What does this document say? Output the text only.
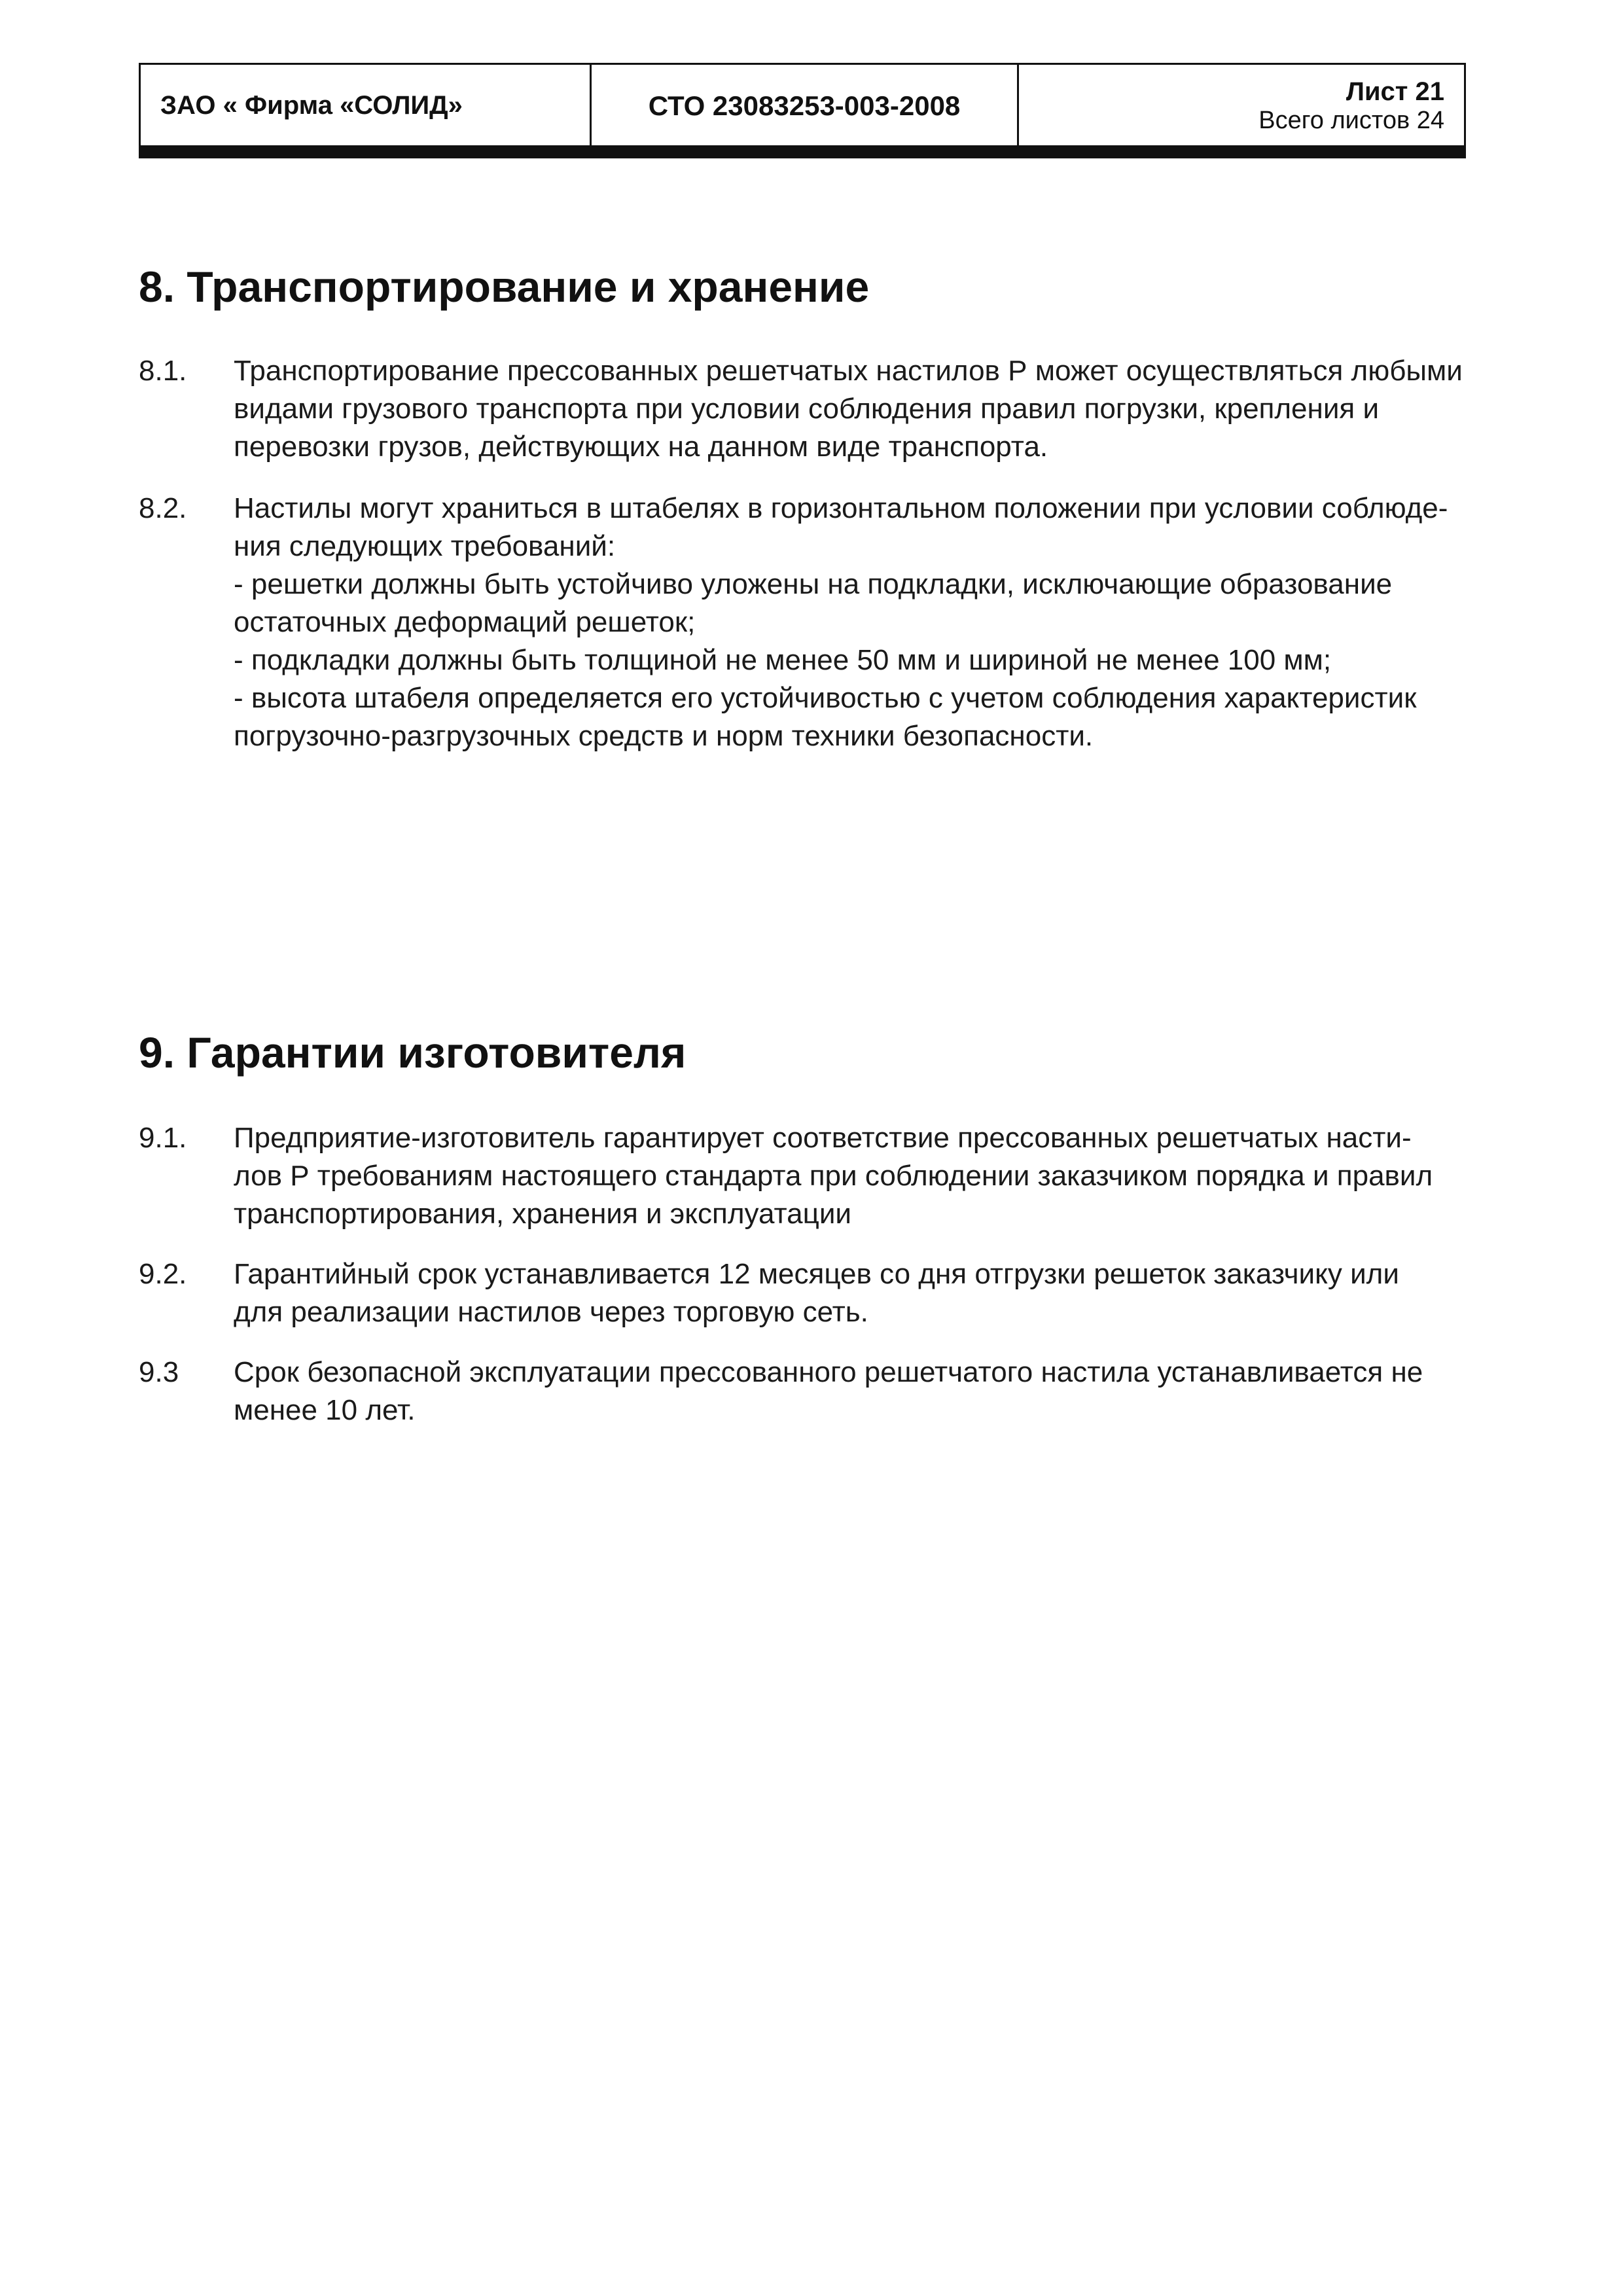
ЗАО « Фирма «СОЛИД»	СТО 23083253-003-2008	Лист 21
Всего листов 24
8. Транспортирование и хранение
8.1.	Транспортирование прессованных решетчатых настилов Р может осуществляться любыми
видами грузового транспорта при условии соблюдения правил погрузки, крепления и
перевозки грузов, действующих на данном виде транспорта.
8.2.	Настилы могут храниться в штабелях в горизонтальном положении при условии соблюде-
ния следующих требований:
- решетки должны быть устойчиво уложены на подкладки, исключающие образование
остаточных деформаций решеток;
- подкладки должны быть толщиной не менее 50 мм и шириной не менее 100 мм;
- высота штабеля определяется его устойчивостью с учетом соблюдения характеристик
погрузочно-разгрузочных средств и норм техники безопасности.
9. Гарантии изготовителя
9.1.	Предприятие-изготовитель гарантирует соответствие прессованных решетчатых насти-
лов Р требованиям настоящего стандарта при соблюдении заказчиком порядка и правил
транспортирования, хранения и эксплуатации
9.2.	Гарантийный срок устанавливается 12 месяцев со дня отгрузки решеток заказчику или
для реализации настилов через торговую сеть.
9.3	Срок безопасной эксплуатации прессованного решетчатого настила устанавливается не
менее 10 лет.
